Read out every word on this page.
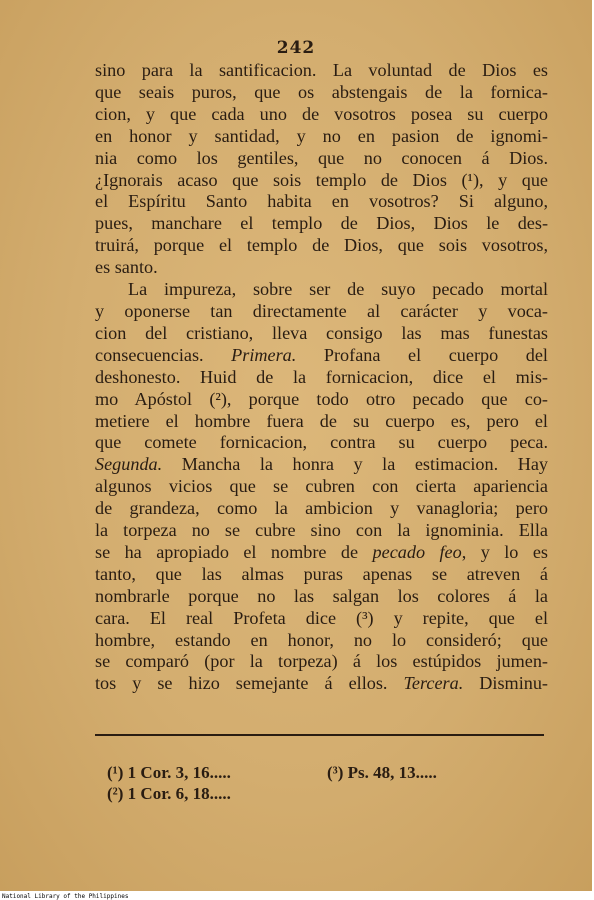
242
sino para la santificacion. La voluntad de Dios es
que seais puros, que os abstengais de la fornica-
cion, y que cada uno de vosotros posea su cuerpo
en honor y santidad, y no en pasion de ignomi-
nia como los gentiles, que no conocen á Dios.
¿Ignorais acaso que sois templo de Dios (¹), y que
el Espíritu Santo habita en vosotros? Si alguno,
pues, manchare el templo de Dios, Dios le des-
truirá, porque el templo de Dios, que sois vosotros,
es santo.
La impureza, sobre ser de suyo pecado mortal
y oponerse tan directamente al carácter y voca-
cion del cristiano, lleva consigo las mas funestas
consecuencias. Primera. Profana el cuerpo del
deshonesto. Huid de la fornicacion, dice el mis-
mo Apóstol (²), porque todo otro pecado que co-
metiere el hombre fuera de su cuerpo es, pero el
que comete fornicacion, contra su cuerpo peca.
Segunda. Mancha la honra y la estimacion. Hay
algunos vicios que se cubren con cierta apariencia
de grandeza, como la ambicion y vanagloria; pero
la torpeza no se cubre sino con la ignominia. Ella
se ha apropiado el nombre de pecado feo, y lo es
tanto, que las almas puras apenas se atreven á
nombrarle porque no las salgan los colores á la
cara. El real Profeta dice (³) y repite, que el
hombre, estando en honor, no lo consideró; que
se comparó (por la torpeza) á los estúpidos jumen-
tos y se hizo semejante á ellos. Tercera. Disminu-
(¹) 1 Cor. 3, 16.....
(²) 1 Cor. 6, 18.....
(³) Ps. 48, 13.....
National Library of the Philippines
